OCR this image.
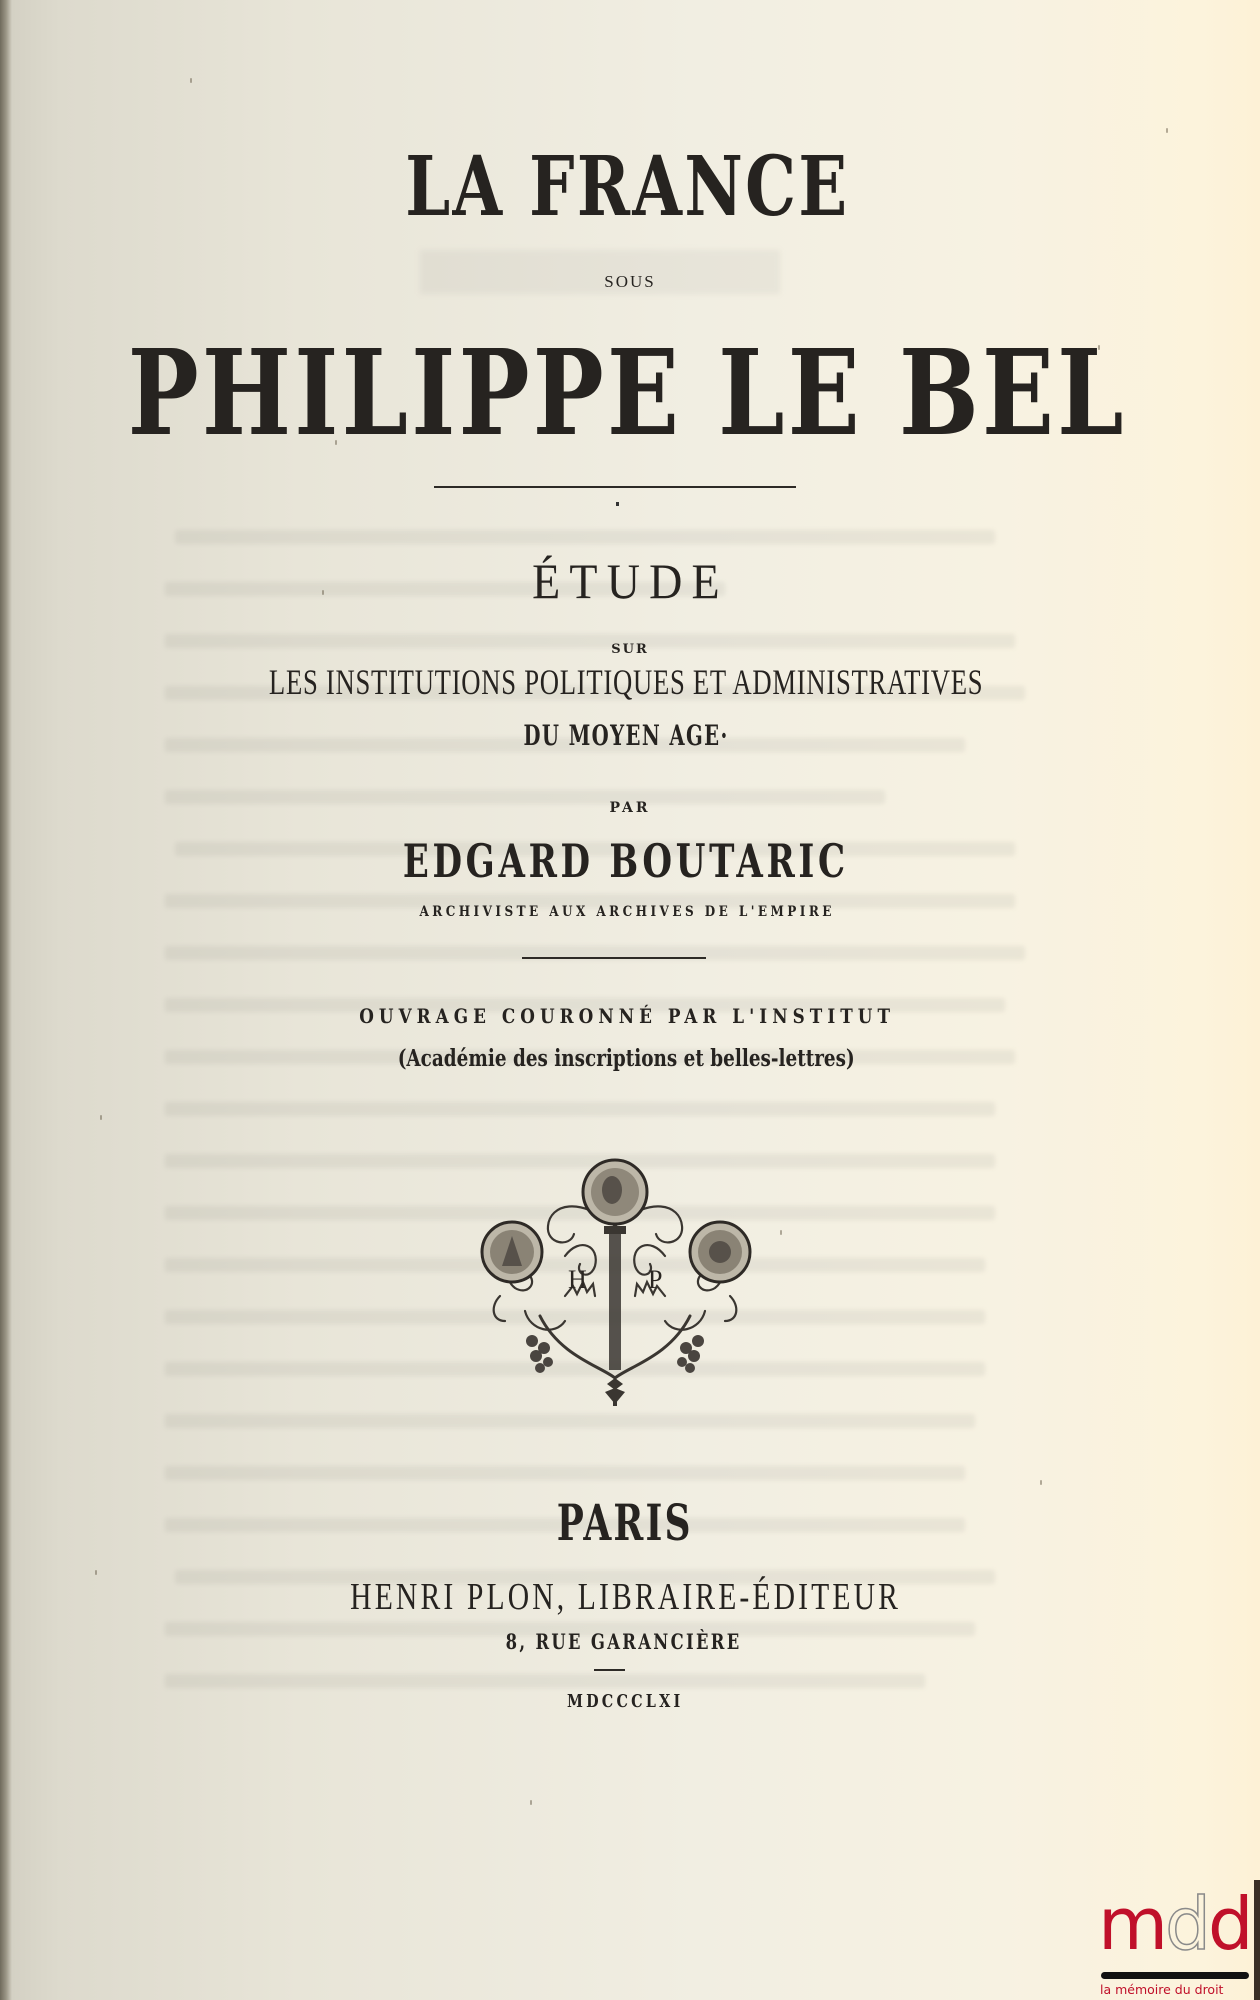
LA FRANCE
SOUS
PHILIPPE LE BEL
ÉTUDE
SUR
LES INSTITUTIONS POLITIQUES ET ADMINISTRATIVES
DU MOYEN AGE·
PAR
EDGARD BOUTARIC
ARCHIVISTE AUX ARCHIVES DE L'EMPIRE
OUVRAGE COURONNÉ PAR L'INSTITUT
(Académie des inscriptions et belles-lettres)
H P
PARIS
HENRI PLON, LIBRAIRE-ÉDITEUR
8, RUE GARANCIÈRE
MDCCCLXI
mdd
la mémoire du droit
